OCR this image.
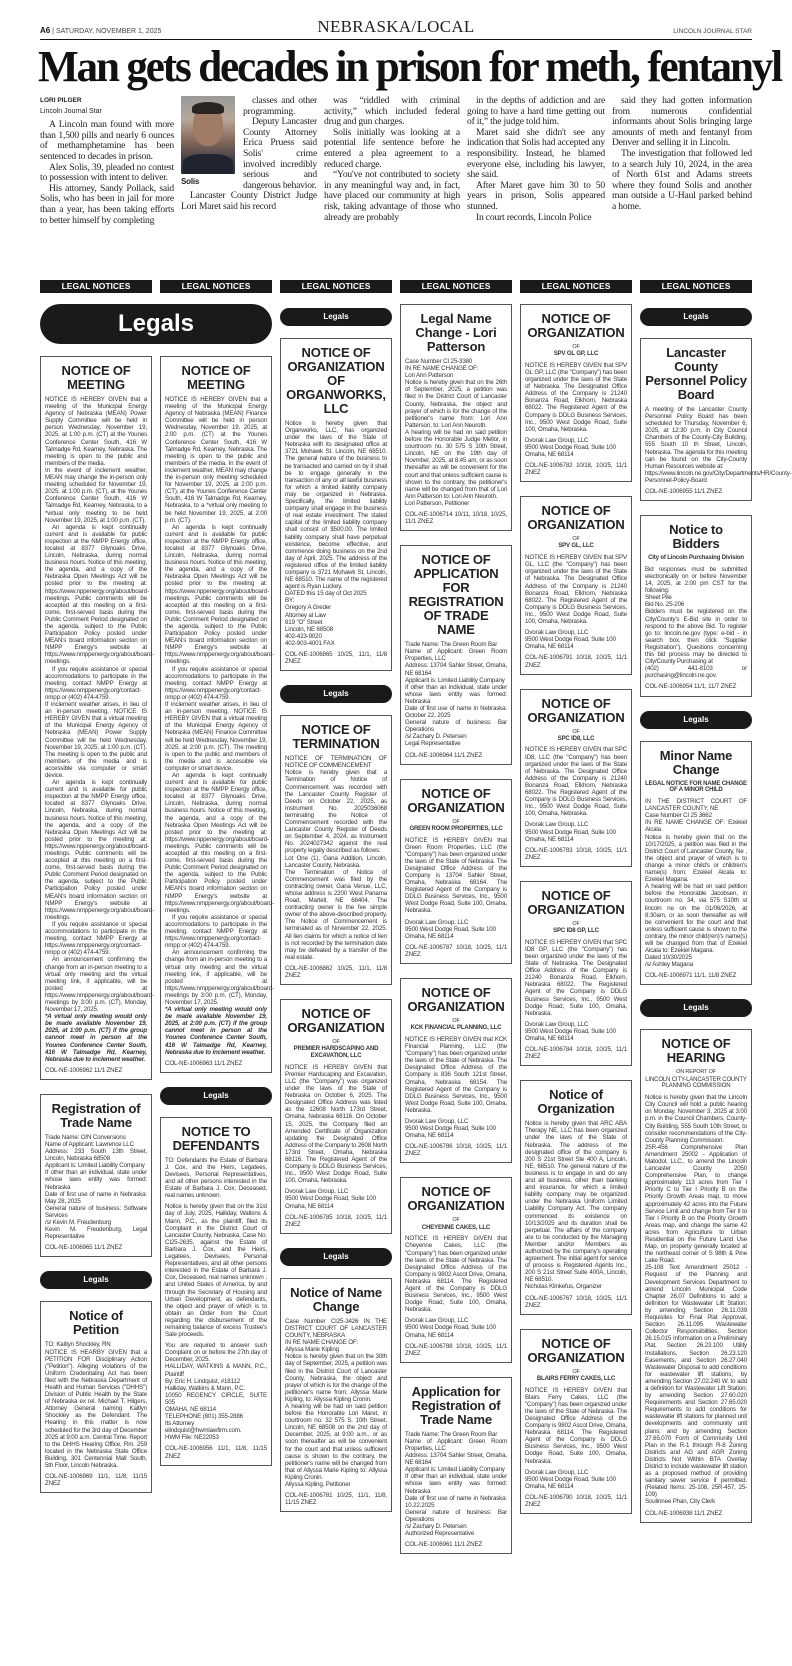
A6 | SATURDAY, NOVEMBER 1, 2025	NEBRASKA/LOCAL	LINCOLN JOURNAL STAR
Man gets decades in prison for meth, fentanyl
LORI PILGER
Lincoln Journal Star

A Lincoln man found with more than 1,500 pills and nearly 6 ounces of methamphetamine has been sentenced to decades in prison.

Alex Solis, 39, pleaded no contest to possession with intent to deliver.

His attorney, Sandy Pollack, said Solis, who has been in jail for more than a year, has been taking efforts to better himself by completing

Solis

classes and other programming.

Deputy Lancaster County Attorney Erica Pruess said Solis' crime involved incredibly serious and dangerous behavior.

Lancaster County District Judge Lori Maret said his record

was “riddled with criminal activity,” which included federal drug and gun charges.

Solis initially was looking at a potential life sentence before he entered a plea agreement to a reduced charge.

“You've not contributed to society in any meaningful way and, in fact, have placed our community at high risk, taking advantage of those who already are probably

in the depths of addiction and are going to have a hard time getting out of it,” the judge told him.

Maret said she didn't see any indication that Solis had accepted any responsibility. Instead, he blamed everyone else, including his lawyer, she said.

After Maret gave him 30 to 50 years in prison, Solis appeared stunned.

In court records, Lincoln Police

said they had gotten information from numerous confidential informants about Solis bringing large amounts of meth and fentanyl from Denver and selling it in Lincoln.

The investigation that followed led to a search July 10, 2024, in the area of North 61st and Adams streets where they found Solis and another man outside a U-Haul parked behind a home.

LEGAL NOTICES	LEGAL NOTICES	LEGAL NOTICES	LEGAL NOTICES	LEGAL NOTICES	LEGAL NOTICES
Legals
NOTICE OF MEETING

NOTICE IS HEREBY GIVEN that a meeting of the Municipal Energy Agency of Nebraska (MEAN) Power Supply Committee will be held in person Wednesday, November 19, 2025, at 1:00 p.m. (CT) at the Younes Conference Center South, 416 W Talmadge Rd, Kearney, Nebraska. The meeting is open to the public and members of the media.

In the event of inclement weather, MEAN may change the in-person only meeting scheduled for November 19, 2025, at 1:00 p.m. (CT), at the Younes Conference Center South, 416 W Talmadge Rd, Kearney, Nebraska, to a *virtual only meeting to be held November 19, 2025, at 1:00 p.m. (CT).

An agenda is kept continually current and is available for public inspection at the NMPP Energy office, located at 8377 Glynoaks Drive, Lincoln, Nebraska, during normal business hours. Notice of this meeting, the agenda, and a copy of the Nebraska Open Meetings Act will be posted prior to the meeting at: https://www.nppenergy.org/about/board-meetings. Public comments will be accepted at this meeting on a first-come, first-served basis during the Public Comment Period designated on the agenda, subject to the Public Participation Policy posted under MEAN's board information section on NMPP Energy's website at https://www.nmppenergy.org/about/board-meetings.

If you require assistance or special accommodations to participate in the meeting, contact NMPP Energy at https://www.nmppenergy.org/contact-nmpp or (402) 474-4759.

If inclement weather arises, in lieu of an in-person meeting, NOTICE IS HEREBY GIVEN that a virtual meeting of the Municipal Energy Agency of Nebraska (MEAN) Power Supply Committee will be held Wednesday, November 19, 2025, at 1:00 p.m. (CT). The meeting is open to the public and members of the media and is accessible via computer or smart device.

An agenda is kept continually current and is available for public inspection at the NMPP Energy office, located at 8377 Glynoaks Drive, Lincoln, Nebraska, during normal business hours. Notice of this meeting, the agenda, and a copy of the Nebraska Open Meetings Act will be posted prior to the meeting at: https://www.nppenergy.org/about/board-meetings. Public comments will be accepted at this meeting on a first-come, first-served basis during the Public Comment Period designated on the agenda, subject to the Public Participation Policy posted under MEAN's board information section on NMPP Energy's website at https://www.nmppenergy.org/about/board-meetings.

If you require assistance or special accommodations to participate in the meeting, contact NMPP Energy at https://www.nmppenergy.org/contact-nmpp or (402) 474-4759.

An announcement confirming the change from an in-person meeting to a virtual only meeting and the virtual meeting link, if applicable, will be posted at https://www.nmppenergy.org/about/board-meetings by 3:00 p.m. (CT), Monday, November 17, 2025.

*A virtual only meeting would only be made available November 19, 2025, at 1:00 p.m. (CT) if the group cannot meet in person at the Younes Conference Center South, 416 W Talmadge Rd, Kearney, Nebraska due to inclement weather.

COL-NE-1006962 11/1 ZNEZ

Registration of Trade Name

Trade Name: O/N Conversions

Name of Applicant: Lawrence LLC

Address: 233 South 13th Street, Lincoln, Nebraska 68508

Applicant is: Limited Liability Company

If other than an individual, state under whose laws entity was formed: Nebraska

Date of first use of name in Nebraska: May 28, 2025

General nature of business: Software Services

/s/ Kevin M. Freudenburg

Kevin M. Freudenburg, Legal Representative

COL-NE-1006965 11/1 ZNEZ

Legals
Notice of Petition

TO: Kaitlyn Shockley, RN

NOTICE IS HEARBY GIVEN that a PETITION FOR Disciplinary Action ("Petition"). Alleging violations of the Uniform Credentialing Act has been filed with the Nebraska Department of Health and Human Services ("DHHS") Division of Public Health by the State of Nebraska ex rel. Michael T. Hilgers, Attorney General naming Kaitlyn Shockley as the Defendant. The Hearing in this matter is now scheduled for the 3rd day of December 2025 at 9:00 a.m. Central Time. Report to the DHHS Hearing Office, Rm. 259 located in the Nebraska State Office Building, 301 Centennial Mall South, 5th Floor, Lincoln Nebraska.

COL-NE-1006969 11/1, 11/8, 11/15 ZNEZ

NOTICE OF MEETING

NOTICE IS HEREBY GIVEN that a meeting of the Municipal Energy Agency of Nebraska (MEAN) Finance Committee will be held in person Wednesday, November 19, 2025, at 2:00 p.m. (CT) at the Younes Conference Center South, 416 W Talmadge Rd, Kearney, Nebraska. The meeting is open to the public and members of the media. In the event of inclement weather, MEAN may change the in-person only meeting scheduled for November 19, 2025, at 2:00 p.m. (CT), at the Younes Conference Center South, 416 W Talmadge Rd, Kearney, Nebraska, to a *virtual only meeting to be held November 19, 2025, at 2:00 p.m. (CT).

An agenda is kept continually current and is available for public inspection at the NMPP Energy office, located at 8377 Glynoaks Drive, Lincoln, Nebraska, during normal business hours. Notice of this meeting, the agenda, and a copy of the Nebraska Open Meetings Act will be posted prior to the meeting at: https://www.nppenergy.org/about/board-meetings. Public comments will be accepted at this meeting on a first-come, first-served basis during the Public Comment Period designated on the agenda, subject to the Public Participation Policy posted under MEAN's board information section on NMPP Energy's website at https://www.nmppenergy.org/about/board-meetings.

If you require assistance or special accommodations to participate in the meeting, contact NMPP Energy at https://www.nmppenergy.org/contact-nmpp or (402) 474-4759.

If inclement weather arises, in lieu of an in-person meeting, NOTICE IS HEREBY GIVEN that a virtual meeting of the Municipal Energy Agency of Nebraska (MEAN) Finance Committee will be held Wednesday, November 19, 2025, at 2:00 p.m. (CT). The meeting is open to the public and members of the media and is accessible via computer or smart device.

An agenda is kept continually current and is available for public inspection at the NMPP Energy office, located at 8377 Glynoaks Drive, Lincoln, Nebraska, during normal business hours. Notice of this meeting, the agenda, and a copy of the Nebraska Open Meetings Act will be posted prior to the meeting at: https://www.nppenergy.org/about/board-meetings. Public comments will be accepted at this meeting on a first-come, first-served basis during the Public Comment Period designated on the agenda, subject to the Public Participation Policy posted under MEAN's board information section on NMPP Energy's website at https://www.nmppenergy.org/about/board-meetings.

If you require assistance or special accommodations to participate in the meeting, contact NMPP Energy at https://www.nmppenergy.org/contact-nmpp or (402) 474-4759.

An announcement confirming the change from an in-person meeting to a virtual only meeting and the virtual meeting link, if applicable, will be posted at https://www.nmppenergy.org/about/board-meetings by 3:00 p.m. (CT), Monday, November 17, 2025.

*A virtual only meeting would only be made available November 19, 2025, at 2:00 p.m. (CT) if the group cannot meet in person at the Younes Conference Center South, 416 W Talmadge Rd, Kearney, Nebraska due to inclement weather.

COL-NE-1006963 11/1 ZNEZ

Legals
NOTICE TO DEFENDANTS

TO: Defendants the Estate of Barbara J. Cox, and the Heirs, Legatees, Devisees, Personal Representatives, and all other persons interested in the Estate of Barbara J. Cox, Deceased, real names unknown.

Notice is hereby given that on the 31st day of July, 2025, Halliday, Watkins & Mann, P.C., as the plaintiff, filed its Complaint in the District Court of Lancaster County, Nebraska, Case No. CI25-2635, against the Estate of Barbara J. Cox, and the Heirs, Legatees, Devisees, Personal Representatives, and all other persons interested in the Estate of Barbara J. Cox, Deceased, real names unknown ; and United States of America, by and through the Secretary of Housing and Urban Development, as defendants, the object and prayer of which is to obtain an Order from the Court regarding the disbursement of the remaining balance of excess Trustee's Sale proceeds.

You are required to answer such Complaint on or before the 27th day of December, 2025.

HALLIDAY, WATKINS & MANN, P.C., Plaintiff

By: Eric H. Lindquist, #18112

Halliday, Watkins & Mann, P.C.

10050 REGENCY CIRCLE, SUITE 505

OMAHA, NE 68114

TELEPHONE (801) 355-2886

Its Attorney

elindquist@hwmlawfirm.com.

HWM File: NE22053

COL-NE-1006956 11/1, 11/8, 11/15 ZNEZ

Legals
NOTICE OF ORGANIZATION OF ORGANWORKS, LLC

Notice is hereby given that Organworks, LLC, has organized under the laws of the State of Nebraska with its designated office at 3721 Mohawk St. Lincoln, NE 68510. The general nature of the business to be transacted and carried on by it shall be to engage generally in the transaction of any or all lawful business for which a limited liability company may be organized in Nebraska. Specifically, the limited liability company shall engage in the business of real estate investment. The stated capital of the limited liability company shall consist of $500.00. The limited liability company shall have perpetual existence, become effective, and commence doing business on the 2nd day of April, 2025. The address of the registered office of the limited liability company is 3721 Mohawk St, Lincoln, NE 68510. The name of the registered agent is Ryan Luckey.

DATED this 15 day of Oct 2025

BY:

Gregory A Greder

Attorney at Law

819 "O" Street

Lincoln, NE 68508

402-423-9020

402-903-4001 FAX

COL-NE-1006865 10/25, 11/1, 11/8 ZNEZ

Legals
NOTICE OF TERMINATION

NOTICE OF TERMINATION OF NOTICE OF COMMENCEMENT

Notice is hereby given that a Termination of Notice of Commencement was recorded with the Lancaster County Register of Deeds on October 22, 2025, as Instrument No. 2025036068 terminating the Notice of Commencement recorded with the Lancaster County Register of Deeds on September 4, 2024, as Instrument No. 2024027342 against the real property legally described as follows:

Lot One (1), Gana Addition, Lincoln, Lancaster County, Nebraska.

The Termination of Notice of Commencement was filed by the contracting owner, Gana Venue, LLC, whose address is 2200 West Panama Road, Martell, NE 68404. The contracting owner is the fee simple owner of the above-described property. The Notice of Commencement is terminated as of November 22, 2025. All lien claims for which a notice of lien is not recorded by the termination date may be defeated by a transfer of the real estate.

COL-NE-1006862 10/25, 11/1, 11/8 ZNEZ

NOTICE OF ORGANIZATION
OF
PREMIER HARDSCAPING AND EXCAVATION, LLC

NOTICE IS HEREBY GIVEN that Premier Hardscaping and Excavation, LLC (the "Company") was organized under the laws of the State of Nebraska on October 6, 2025. The Designated Office Address was listed as the 12608 North 173rd Street, Omaha, Nebraska 68116. On October 15, 2025, the Company filed an Amended Certificate of Organization updating the Designated Office Address of the Company to 2608 North 173rd Street, Omaha, Nebraska 68116. The Registered Agent of the Company is DDLG Business Services, Inc., 9500 West Dodge Road, Suite 100, Omaha, Nebraska.

Dvorak Law Group, LLC

9500 West Dodge Road, Suite 100

Omaha, NE 68114

COL-NE-1006785 10/18, 10/25, 11/1 ZNEZ

Legals
Notice of Name Change

Case Number CI25-3426 IN THE DISTRICT COURT OF LANCASTER COUNTY, NEBRASKA

IN RE NAME CHANGE OF:

Allyssa Marie Kipling

Notice is hereby given that on the 30th day of September, 2025, a petition was filed in the District Court of Lancaster County, Nebraska, the object and prayer of which is for the change of the petitioner's name from: Allyssa Marie Kipling, to: Allyssa Kipling Cronin.

A hearing will be had on said petition before the Honorable Lori Maret, in courtroom no. 32 575 S. 10th Street, Lincoln, NE 68508 on the 2nd day of December, 2025, at 9:00 a.m., or as soon thereafter as will be convenient for the court and that unless sufficient cause is shown to the contrary, the petitioner's name will be changed from that of Allyssa Marie Kipling to: Allyssa Kipling Cronin.

Allyssa Kipling, Petitioner

COL-NE-1006781 10/25, 11/1, 11/8, 11/15 ZNEZ

Legal Name Change - Lori Patterson

Case Number CI 25-3380

IN RE NAME CHANGE OF:

Lori Ann Patterson

Notice is hereby given that on the 26th of September, 2025, a petition was filed in the District Court of Lancaster County, Nebraska, the object and prayer of which is for the change of the petitioner's name from: Lori Ann Patterson, to: Lori Ann Neuroth.

A hearing will be had on said petition before the Honorable Judge Mellor, in courtroom no. 30 575 S 10th Street, Lincoln, NE on the 19th day of Novmber, 2025, at 8:45 am, or as soon thereafter as will be convenient for the court and that unless sufficient cause is shown to the contrary, the petitioner's name will be changed from that of Lori Ann Patterson to: Lori Ann Neuroth.

Lori Patterson, Petitioner

COL-NE-1006714 10/11, 10/18, 10/25, 11/1 ZNEZ

NOTICE OF APPLICATION FOR REGISTRATION OF TRADE NAME

Trade Name: The Green Room Bar

Name of Applicant: Green Room Properties, LLC

Address: 13704 Sahler Street, Omaha, NE 68164

Applicant is: Limited Liability Company

If other than an individual, state under whose laws entity was formed: Nebraska

Date of first use of name in Nebraska: October 22, 2025

General nature of business: Bar Operations

/s/ Zachary D. Petersen

Legal Representative

COL-NE-1006964 11/1 ZNEZ

NOTICE OF ORGANIZATION
OF
GREEN ROOM PROPERTIES, LLC

NOTICE IS HEREBY GIVEN that Green Room Properties, LLC (the "Company") has been organized under the laws of the State of Nebraska. The Designated Office Address of the Company is 13704 Sahler Street, Omaha, Nebraska 68164. The Registered Agent of the Company is DDLG Business Services, Inc., 9500 West Dodge Road, Suite 100, Omaha, Nebraska.

Dvorak Law Group, LLC

9500 West Dodge Road, Suite 100

Omaha, NE 68114

COL-NE-1006787 10/18, 10/25, 11/1 ZNEZ

NOTICE OF ORGANIZATION
OF
KCK FINANCIAL PLANNING, LLC

NOTICE IS HEREBY GIVEN that KCK Financial Planning, LLC (the "Company") has been organized under the laws of the State of Nebraska. The Designated Office Address of the Company is 836 South 121st Street, Omaha, Nebraska 68154. The Registered Agent of the Company is DDLG Business Services, Inc., 9500 West Dodge Road, Suite 100, Omaha, Nebraska.

Dvorak Law Group, LLC

9500 West Dodge Road, Suite 100

Omaha, NE 68114

COL-NE-1006786 10/18, 10/25, 11/1 ZNEZ

NOTICE OF ORGANIZATION
OF
CHEYENNE CAKES, LLC

NOTICE IS HEREBY GIVEN that Cheyenne Cakes, LLC (the "Company") has been organized under the laws of the State of Nebraska. The Designated Office Address of the Company is 9802 Ascot Drive, Omaha, Nebraska 68114. The Registered Agent of the Company is DDLG Business Services, Inc., 9500 West Dodge Road, Suite 100, Omaha, Nebraska.

Dvorak Law Group, LLC

9500 West Dodge Road, Suite 100

Omaha, NE 68114

COL-NE-1006788 10/18, 10/25, 11/1 ZNEZ

Application for Registration of Trade Name

Trade Name: The Green Room Bar

Name of Applicant: Green Room Properties, LLC

Address: 13704 Sahler Street, Omaha, NE 68164

Applicant is: Limited Liability Company

If other than an individual, state under whose laws entity was formed: Nebraska

Date of first use of name in Nebraska: 10.22.2025

General nature of business: Bar Operations

/s/ Zachary D. Petersen

Authorized Representative

COL-NE-1006961 11/1 ZNEZ

NOTICE OF ORGANIZATION
OF
SPV GL GP, LLC

NOTICE IS HEREBY GIVEN that SPV GL GP, LLC (the "Company") has been organized under the laws of the State of Nebraska. The Designated Office Address of the Company is 21240 Bonanza Road, Elkhorn, Nebraska 68022. The Registered Agent of the Company is DDLG Business Services, Inc., 9500 West Dodge Road, Suite 100, Omaha, Nebraska.

Dvorak Law Group, LLC

9500 West Dodge Road, Suite 100

Omaha, NE 68114

COL-NE-1006782 10/18, 10/25, 11/1 ZNEZ

NOTICE OF ORGANIZATION
OF
SPV GL, LLC

NOTICE IS HEREBY GIVEN that SPV GL, LLC (the "Company") has been organized under the laws of the State of Nebraska. The Designated Office Address of the Company is 21240 Bonanza Road, Elkhorn, Nebraska 68022. The Registered Agent of the Company is DDLG Business Services, Inc., 9500 West Dodge Road, Suite 100, Omaha, Nebraska.

Dvorak Law Group, LLC

9500 West Dodge Road, Suite 100

Omaha, NE 68114

COL-NE-1006791 10/18, 10/25, 11/1 ZNEZ

NOTICE OF ORGANIZATION
OF
SPC ID8, LLC

NOTICE IS HEREBY GIVEN that SPC ID8, LLC (the "Company") has been organized under the laws of the State of Nebraska. The Designated Office Address of the Company is 21240 Bonanza Road, Elkhorn, Nebraska 68022. The Registered Agent of the Company is DDLG Business Services, Inc., 9500 West Dodge Road, Suite 100, Omaha, Nebraska.

Dvorak Law Group, LLC

9500 West Dodge Road, Suite 100

Omaha, NE 68114

COL-NE-1006783 10/18, 10/25, 11/1 ZNEZ

NOTICE OF ORGANIZATION
OF
SPC ID8 GP, LLC

NOTICE IS HEREBY GIVEN that SPC ID8 GP, LLC (the "Company") has been organized under the laws of the State of Nebraska. The Designated Office Address of the Company is 21240 Bonanza Road, Elkhorn, Nebraska 68022. The Registered Agent of the Company is DDLG Business Services, Inc., 9500 West Dodge Road, Suite 100, Omaha, Nebraska.

Dvorak Law Group, LLC

9500 West Dodge Road, Suite 100

Omaha, NE 68114

COL-NE-1006784 10/18, 10/25, 11/1 ZNEZ

Notice of Organization

Notice is hereby given that ARC ABA Therapy NE, LLC has been organized under the laws of the State of Nebraska. The address of the designated office of the company is 200 S 21st Street Ste 400 A, Lincoln, NE, 68510. The general nature of the business is to engage in and do any and all business, other than banking and insurance, for which a limited liability company may be organized under the Nebraska Uniform Limited Liability Company Act. The company commenced its existence on 10/13/2025 and its duration shall be perpetual. The affairs of the company are to be conducted by the Managing Member and/or Members as authorized by the company's operating agreement. The initial agent for service of process is Registered Agents Inc., 200 S 21st Street Suite 400A, Lincoln, NE 68510.

Nicholas Klinkefus, Organizer

COL-NE-1006767 10/18, 10/25, 11/1 ZNEZ

NOTICE OF ORGANIZATION
OF
BLAIRS FERRY CAKES, LLC

NOTICE IS HEREBY GIVEN that Blairs Ferry Cakes, LLC (the "Company") has been organized under the laws of the State of Nebraska. The Designated Office Address of the Company is 9802 Ascot Drive, Omaha, Nebraska 68114. The Registered Agent of the Company is DDLG Business Services, Inc., 9500 West Dodge Road, Suite 100, Omaha, Nebraska.

Dvorak Law Group, LLC

9500 West Dodge Road, Suite 100

Omaha, NE 68114

COL-NE-1006790 10/18, 10/25, 11/1 ZNEZ

Legals
Lancaster County Personnel Policy Board

A meeting of the Lancaster County Personnel Policy Board has been scheduled for Thursday, November 6, 2025, at 12:30 p.m. in City Council Chambers of the County-City Building, 555 South 10 th Street, Lincoln, Nebraska. The agenda for this meeting can be found on the City-County Human Resources website at:

https://www.lincoln.ne.gov/City/Departments/HR/County-Personnel-Policy-Board

COL-NE-1006955 11/1 ZNEZ

Notice to Bidders
City of Lincoln Purchasing Division

Bid responses must be submitted electronically on or before November 14, 2025, at 2:00 pm CST for the following:

Sheet Pile

Bid No. 25-206

Bidders must be registered on the City/County's E-Bid site in order to respond to the above Bid. To register go to: lincoln.ne.gov (type: e-bid - in search box, then click "Supplier Registration"). Questions concerning this bid process may be directed to City/County Purchasing at

(402) 441-8103 or purchasing@lincoln.ne.gov.

COL-NE-1006954 11/1, 11/7 ZNEZ

Legals
Minor Name Change
LEGAL NOTICE FOR NAME CHANGE OF A MINOR CHILD

IN THE DISTRICT COURT OF LANCASTER COUNTY, NE

Case Number CI 25 3662

IN RE NAME CHANGE OF: Ezekiel Alcala

Notice is hereby given that on the 10/17/2025, a petition was filed in the District Court of Lancaster County, Ne , the object and prayer of which is to change a minor child's or children's name(s) from: Ezekiel Alcala to: Ezekiel Magana.

A hearing will be had on said petition before the Honorable Jacobsen, in courtroom no. 34, via 575 S10th st lincoln ne on the 01/06/2026, at 8:30am, or as soon thereafter as will be convenient for the court and that unless sufficient cause is shown to the contrary, the minor child(ren)'s name(s) will be changed from that of Ezekiel Alcala to: Ezekiel Magana.

Dated 10/30/2025

/s/ Ashley Magana

COL-NE-1006971 11/1, 11/8 ZNEZ

Legals
NOTICE OF HEARING
ON REPORT OF
LINCOLN CITY-LANCASTER COUNTY PLANNING COMMISSION

Notice is hereby given that the Lincoln City Council will hold a public hearing on Monday, November 3, 2025 at 3:00 p.m. in the Council Chambers, County-City Building, 555 South 10th Street, to consider recommendations of the City-County Planning Commission:

25R-456 Comprehensive Plan Amendment 25002 - Application of Matodol, LLC., to amend the Lincoln Lancaster County 2050 Comprehensive Plan, to change approximately 113 acres from Tier I Priority C to Tier I Priority B on the Priority Growth Areas map, to move approximately 42 acres into the Future Service Limit and change from Tier II to Tier I Priority B on the Priority Growth Areas map, and change the same 42 acres from Agriculture to Urban Residential on the Future Land Use Map, on property generally located at the northeast corner of S 98th & Pine Lake Road.

25-108 Text Amendment 25012 - Request of the Planning and Development Services Department to amend Lincoln Municipal Code Chapter 26.07 Definitions to add a definition for Wastewater Lift Station; by amending Section 26.11.039 Requisites for Final Plat Approval, Section 26.11.095 Wastewater Collector Responsibilities, Section 26.15.015 Information on a Preliminary Plat, Section 26.23.100 Utility Installations, Section 26.23.120 Easements, and Section 26.27.040 Wastewater Disposal to add conditions for wastewater lift stations; by amending Section 27.02.240 W. to add a definition for Wastewater Lift Station; by amending Section 27.60.020 Requirements and Section 27.65.020 Requirements to add conditions for wastewater lift stations for planned unit developments and community unit plans; and by amending Section 27.65.070 Form of Community Unit Plan in the R-1 through R-8 Zoning Districts and AG and AGR Zoning Districts Not Within BTA Overlay District to include wastewater lift station as a proposed method of providing sanitary sewer service if permitted. (Related Items: 25-108, 25R-457, 25-109)

Soulinnee Phan, City Clerk

COL-NE-1006938 11/1 ZNEZ
